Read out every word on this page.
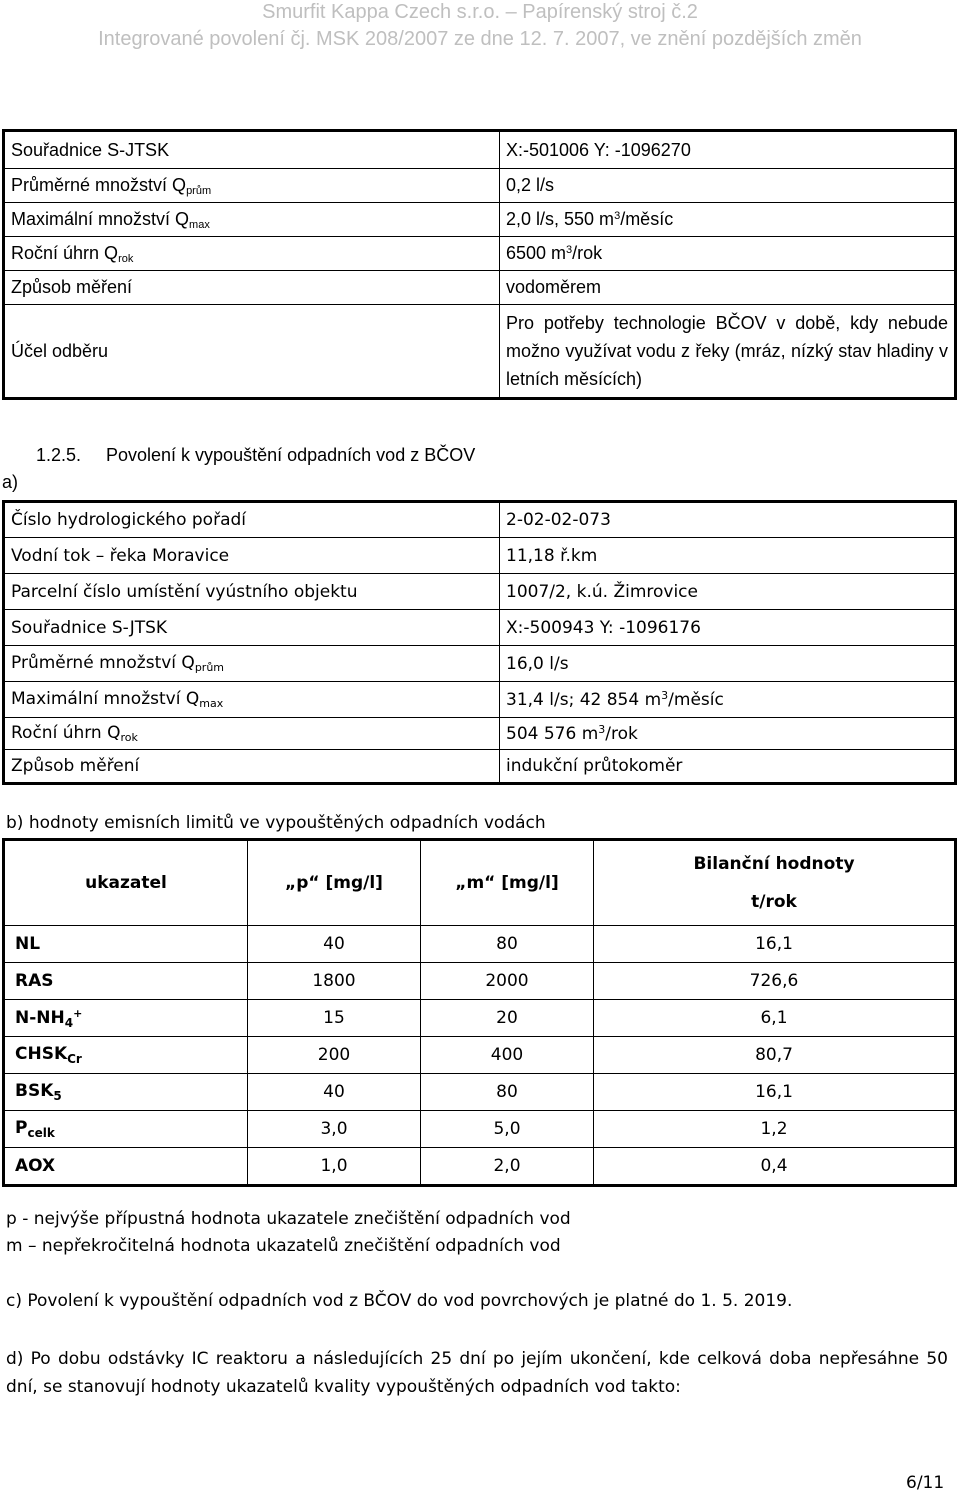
Smurfit Kappa Czech s.r.o. – Papírenský stroj č.2
Integrované povolení čj. MSK 208/2007 ze dne 12. 7. 2007, ve znění pozdějších změn
Souřadnice S-JTSK	X:-501006 Y: -1096270
Průměrné množství $Q_{prům}$	0,2 l/s
Maximální množství $Q_{max}$	2,0 l/s, 550 $m^3$/měsíc
Roční úhrn $Q_{rok}$	6500 $m^3$/rok
Způsob měření	vodoměrem
Účel odběru	Pro potřeby technologie BČOV v době, kdy nebude možno využívat vodu z řeky (mráz, nízký stav hladiny v letních měsících)
1.2.5. Povolení k vypouštění odpadních vod z BČOV
a)
Číslo hydrologického pořadí	2-02-02-073
Vodní tok – řeka Moravice	11,18 ř.km
Parcelní číslo umístění vyústního objektu	1007/2, k.ú. Žimrovice
Souřadnice S-JTSK	X:-500943 Y: -1096176
Průměrné množství $Q_{prům}$	16,0 l/s
Maximální množství $Q_{max}$	31,4 l/s; 42 854 $m^3$/měsíc
Roční úhrn $Q_{rok}$	504 576 $m^3$/rok
Způsob měření	indukční průtokoměr
b) hodnoty emisních limitů ve vypouštěných odpadních vodách
ukazatel	„p“ [mg/l]	„m“ [mg/l]	Bilanční hodnoty
t/rok

NL	40	80	16,1
RAS	1800	2000	726,6
$N-NH_4^+$	15	20	6,1
$CHSK_{Cr}$	200	400	80,7
$BSK_5$	40	80	16,1
$P_{celk}$	3,0	5,0	1,2
AOX	1,0	2,0	0,4
p - nejvýše přípustná hodnota ukazatele znečištění odpadních vod
m – nepřekročitelná hodnota ukazatelů znečištění odpadních vod
c) Povolení k vypouštění odpadních vod z BČOV do vod povrchových je platné do 1. 5. 2019.
d) Po dobu odstávky IC reaktoru a následujících 25 dní po jejím ukončení, kde celková doba nepřesáhne 50 dní, se stanovují hodnoty ukazatelů kvality vypouštěných odpadních vod takto:
6/11
